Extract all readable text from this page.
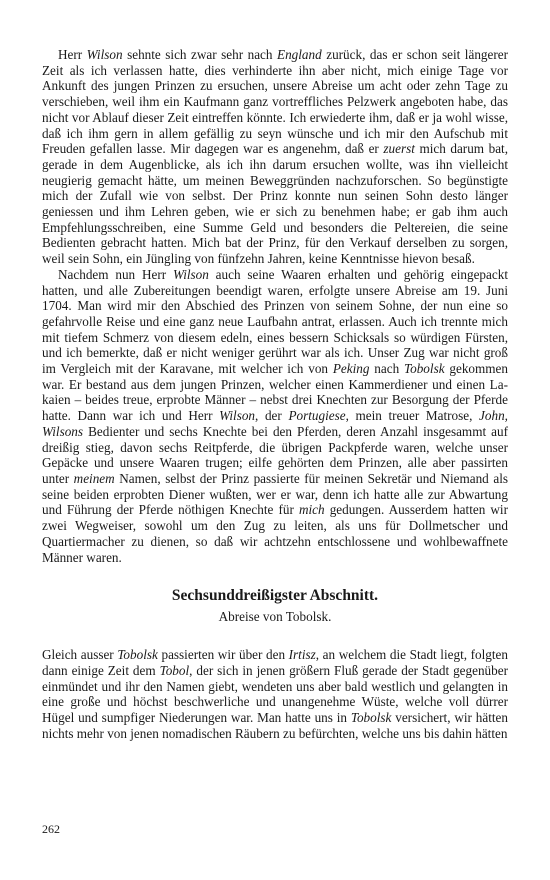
Herr Wilson sehnte sich zwar sehr nach England zurück, das er schon seit längerer Zeit als ich verlassen hatte, dies verhinderte ihn aber nicht, mich einige Tage vor Ankunft des jungen Prinzen zu ersuchen, unsere Abreise um acht oder zehn Tage zu verschieben, weil ihm ein Kaufmann ganz vortreffliches Pelzwerk angeboten habe, das nicht vor Ablauf dieser Zeit eintreffen könnte. Ich erwiederte ihm, daß er ja wohl wisse, daß ich ihm gern in allem gefällig zu seyn wünsche und ich mir den Aufschub mit Freuden gefallen lasse. Mir dagegen war es angenehm, daß er zuerst mich darum bat, gerade in dem Augenblicke, als ich ihn darum ersuchen wollte, was ihn vielleicht neugierig gemacht hätte, um meinen Beweggründen nachzuforschen. So begünstigte mich der Zufall wie von selbst. Der Prinz konnte nun seinen Sohn desto länger geniessen und ihm Lehren geben, wie er sich zu benehmen habe; er gab ihm auch Empfehlungsschreiben, eine Summe Geld und besonders die Peltereien, die seine Bedienten gebracht hatten. Mich bat der Prinz, für den Verkauf derselben zu sorgen, weil sein Sohn, ein Jüngling von fünfzehn Jahren, keine Kenntnisse hievon besaß.

Nachdem nun Herr Wilson auch seine Waaren erhalten und gehörig eingepackt hatten, und alle Zubereitungen beendigt waren, erfolgte unsere Abreise am 19. Juni 1704. Man wird mir den Abschied des Prinzen von seinem Sohne, der nun eine so gefahrvolle Reise und eine ganz neue Laufbahn antrat, erlassen. Auch ich trennte mich mit tiefem Schmerz von diesem edeln, eines bessern Schicksals so würdigen Fürsten, und ich bemerkte, daß er nicht weniger gerührt war als ich. Unser Zug war nicht groß im Vergleich mit der Karavane, mit welcher ich von Peking nach Tobolsk gekommen war. Er bestand aus dem jungen Prinzen, welcher einen Kammerdiener und einen Lakaien – beides treue, erprobte Männer – nebst drei Knechten zur Besorgung der Pferde hatte. Dann war ich und Herr Wilson, der Portugiese, mein treuer Matrose, John, Wilsons Bedienter und sechs Knechte bei den Pferden, deren Anzahl insgesammt auf dreißig stieg, davon sechs Reitpferde, die übrigen Packpferde waren, welche unser Gepäcke und unsere Waaren trugen; eilfe gehörten dem Prinzen, alle aber passirten unter meinem Namen, selbst der Prinz passierte für meinen Sekretär und Niemand als seine beiden erprobten Diener wußten, wer er war, denn ich hatte alle zur Abwartung und Führung der Pferde nöthigen Knechte für mich gedungen. Ausserdem hatten wir zwei Wegweiser, sowohl um den Zug zu leiten, als uns für Dollmetscher und Quartiermacher zu dienen, so daß wir achtzehn entschlossene und wohlbewaffnete Männer waren.

Sechsunddreißigster Abschnitt.
Abreise von Tobolsk.

Gleich ausser Tobolsk passierten wir über den Irtisz, an welchem die Stadt liegt, folgten dann einige Zeit dem Tobol, der sich in jenen größern Fluß gerade der Stadt gegenüber einmündet und ihr den Namen giebt, wendeten uns aber bald westlich und gelangten in eine große und höchst beschwerliche und unangenehme Wüste, welche voll dürrer Hügel und sumpfiger Niederungen war. Man hatte uns in Tobolsk versichert, wir hätten nichts mehr von jenen nomadischen Räubern zu befürchten, welche uns bis dahin hätten

262
